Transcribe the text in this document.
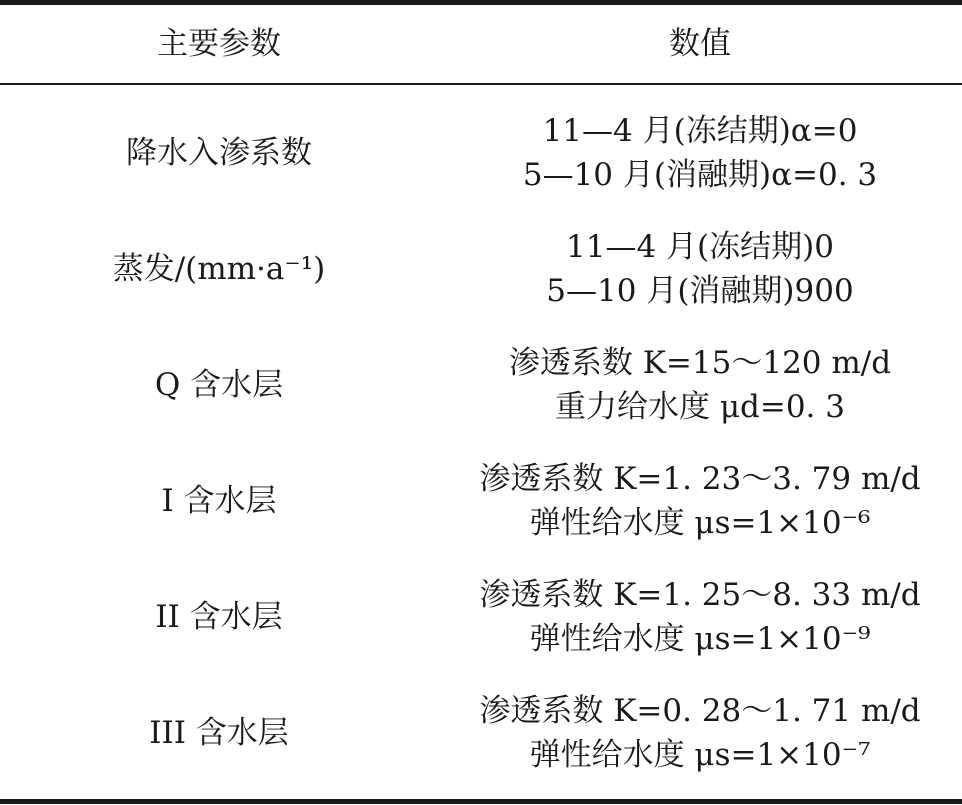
主要参数	数值
降水入渗系数
11—4 月(冻结期)α=0
5—10 月(消融期)α=0. 3
蒸发/(mm·a⁻¹)
11—4 月(冻结期)0
5—10 月(消融期)900
Q 含水层
渗透系数 K=15～120 m/d
重力给水度 μd=0. 3
I 含水层
渗透系数 K=1. 23～3. 79 m/d
弹性给水度 μs=1×10⁻⁶
II 含水层
渗透系数 K=1. 25～8. 33 m/d
弹性给水度 μs=1×10⁻⁹
III 含水层
渗透系数 K=0. 28～1. 71 m/d
弹性给水度 μs=1×10⁻⁷
